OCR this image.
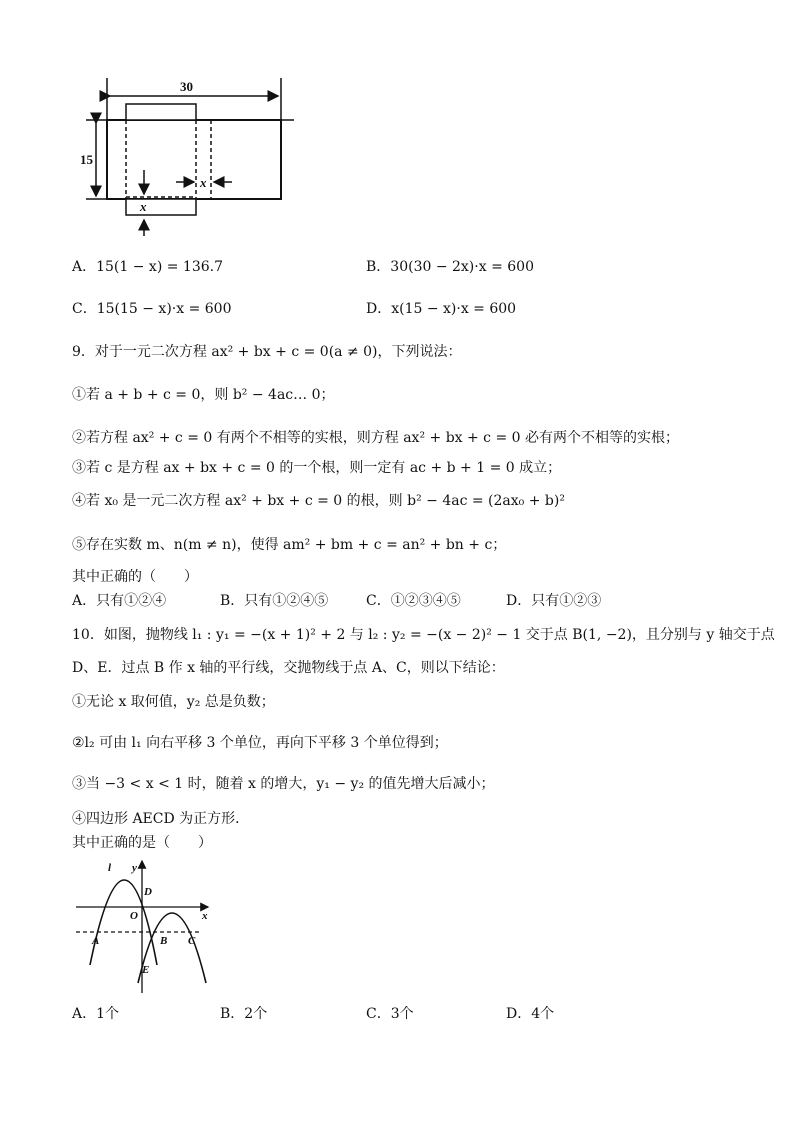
30
15
x
x
A．15(1 − x) = 136.7	B．30(30 − 2x)·x = 600
C．15(15 − x)·x = 600	D．x(15 − x)·x = 600
9．对于一元二次方程 ax² + bx + c = 0(a ≠ 0)，下列说法：
①若 a + b + c = 0，则 b² − 4ac… 0；
②若方程 ax² + c = 0 有两个不相等的实根，则方程 ax² + bx + c = 0 必有两个不相等的实根；
③若 c 是方程 ax + bx + c = 0 的一个根，则一定有 ac + b + 1 = 0 成立；
④若 x₀ 是一元二次方程 ax² + bx + c = 0 的根，则 b² − 4ac = (2ax₀ + b)²
⑤存在实数 m、n(m ≠ n)，使得 am² + bm + c = an² + bn + c；
其中正确的（　　）
A．只有①②④	B．只有①②④⑤	C．①②③④⑤	D．只有①②③
10．如图，抛物线 l₁ : y₁ = −(x + 1)² + 2 与 l₂ : y₂ = −(x − 2)² − 1 交于点 B(1, −2)，且分别与 y 轴交于点
D、E．过点 B 作 x 轴的平行线，交抛物线于点 A、C，则以下结论：
①无论 x 取何值，y₂ 总是负数；
②l₂ 可由 l₁ 向右平移 3 个单位，再向下平移 3 个单位得到；
③当 −3 < x < 1 时，随着 x 的增大，y₁ − y₂ 的值先增大后减小；
④四边形 AECD 为正方形．
其中正确的是（　　）
l y
x
O
D
A	B C
E
A．1个	B．2个	C．3个	D．4个
